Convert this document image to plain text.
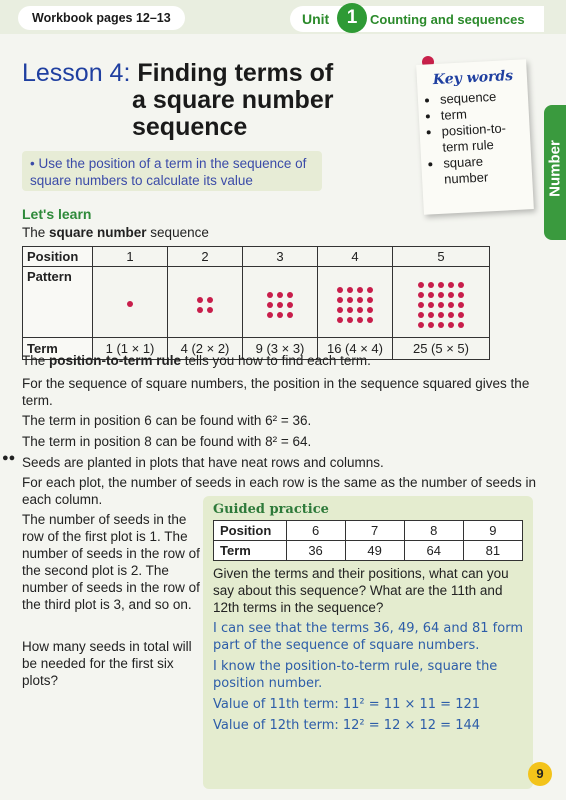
Workbook pages 12–13	Unit 1 Counting and sequences
Number
Lesson 4: Finding terms of
a square number
sequence
Key words
• sequence
• term
• position-to-term rule
• square number
• Use the position of a term in the sequence of square numbers to calculate its value
Let's learn
The square number sequence
Position	1	2	3	4	5
Pattern	

Term	1 (1 × 1)	4 (2 × 2)	9 (3 × 3)	16 (4 × 4)	25 (5 × 5)
The position-to-term rule tells you how to find each term.
For the sequence of square numbers, the position in the sequence squared gives the term.
The term in position 6 can be found with 6² = 36.
The term in position 8 can be found with 8² = 64.
●● Seeds are planted in plots that have neat rows and columns.
For each plot, the number of seeds in each row is the same as the number of seeds in each column.
The number of seeds in the row of the first plot is 1. The number of seeds in the row of the second plot is 2. The number of seeds in the row of the third plot is 3, and so on.
How many seeds in total will be needed for the first six plots?
Guided practice
Position	6	7	8	9
Term	36	49	64	81
Given the terms and their positions, what can you say about this sequence? What are the 11th and 12th terms in the sequence?
I can see that the terms 36, 49, 64 and 81 form part of the sequence of square numbers.
I know the position-to-term rule, square the position number.
Value of 11th term: 11² = 11 × 11 = 121
Value of 12th term: 12² = 12 × 12 = 144
9
